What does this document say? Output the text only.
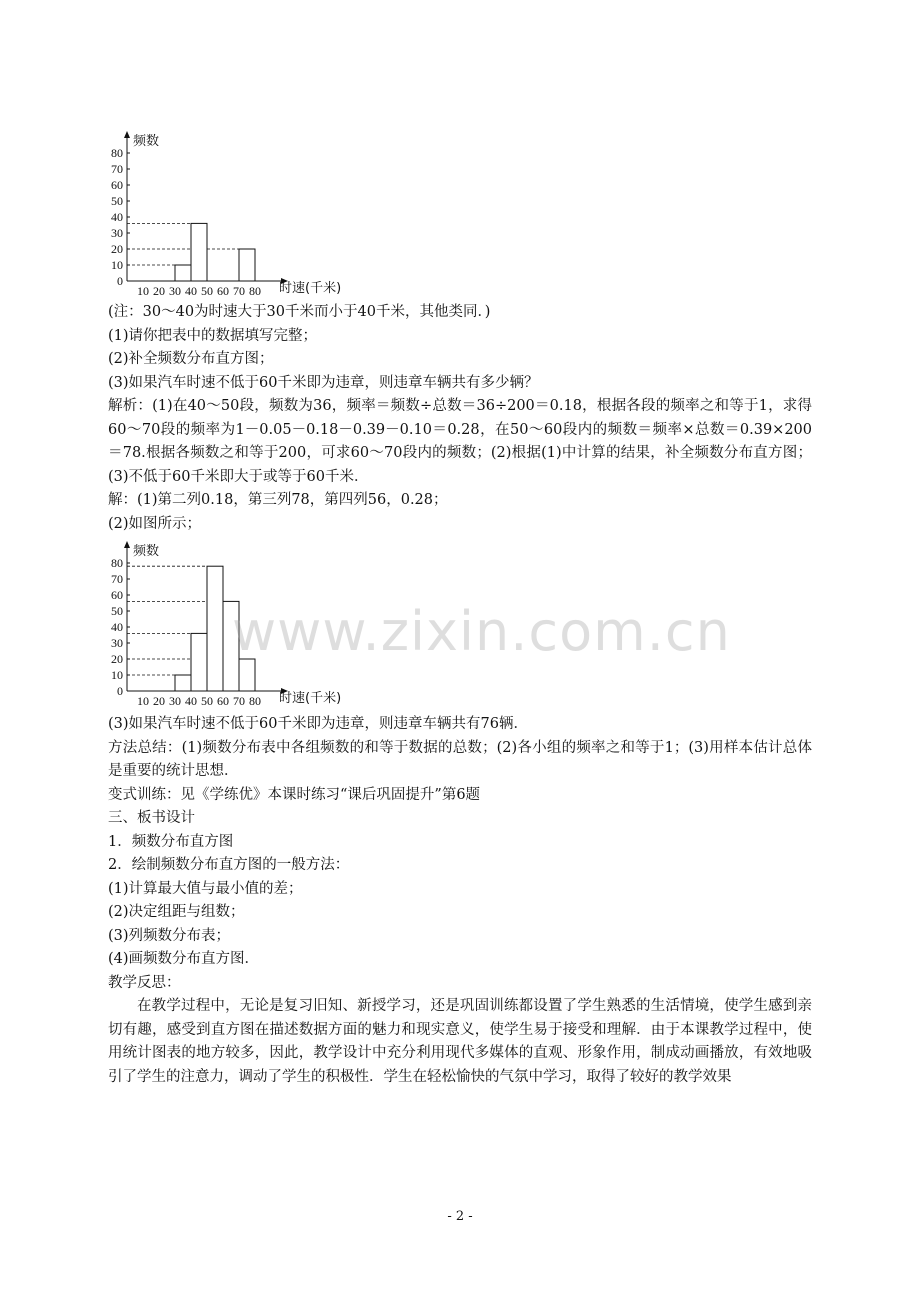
0
10
20
30
40
50
60
70
80
10 20 30 40 50 60 70 80
频数
时速(千米)

(注：30～40为时速大于30千米而小于40千米，其他类同．)

(1)请你把表中的数据填写完整；

(2)补全频数分布直方图；

(3)如果汽车时速不低于60千米即为违章，则违章车辆共有多少辆？

解析：(1)在40～50段，频数为36，频率＝频数÷总数＝36÷200＝0.18，根据各段的频率之和等于1，求得60～70段的频率为1－0.05－0.18－0.39－0.10＝0.28，在50～60段内的频数＝频率×总数＝0.39×200＝78.根据各频数之和等于200，可求60～70段内的频数；(2)根据(1)中计算的结果，补全频数分布直方图；(3)不低于60千米即大于或等于60千米．

解：(1)第二列0.18，第三列78，第四列56，0.28；

(2)如图所示；

0
10
20
30
40
50
60
70
80
10 20 30 40 50 60 70 80
频数
时速(千米)

(3)如果汽车时速不低于60千米即为违章，则违章车辆共有76辆．

方法总结：(1)频数分布表中各组频数的和等于数据的总数；(2)各小组的频率之和等于1；(3)用样本估计总体是重要的统计思想．

变式训练：见《学练优》本课时练习“课后巩固提升”第6题

三、板书设计

1．频数分布直方图

2．绘制频数分布直方图的一般方法：

(1)计算最大值与最小值的差；

(2)决定组距与组数；

(3)列频数分布表；

(4)画频数分布直方图．

教学反思：

在教学过程中，无论是复习旧知、新授学习，还是巩固训练都设置了学生熟悉的生活情境，使学生感到亲切有趣，感受到直方图在描述数据方面的魅力和现实意义，使学生易于接受和理解．由于本课教学过程中，使用统计图表的地方较多，因此，教学设计中充分利用现代多媒体的直观、形象作用，制成动画播放，有效地吸引了学生的注意力，调动了学生的积极性．学生在轻松愉快的气氛中学习，取得了较好的教学效果

www.zixin.com.cn
- 2 -
